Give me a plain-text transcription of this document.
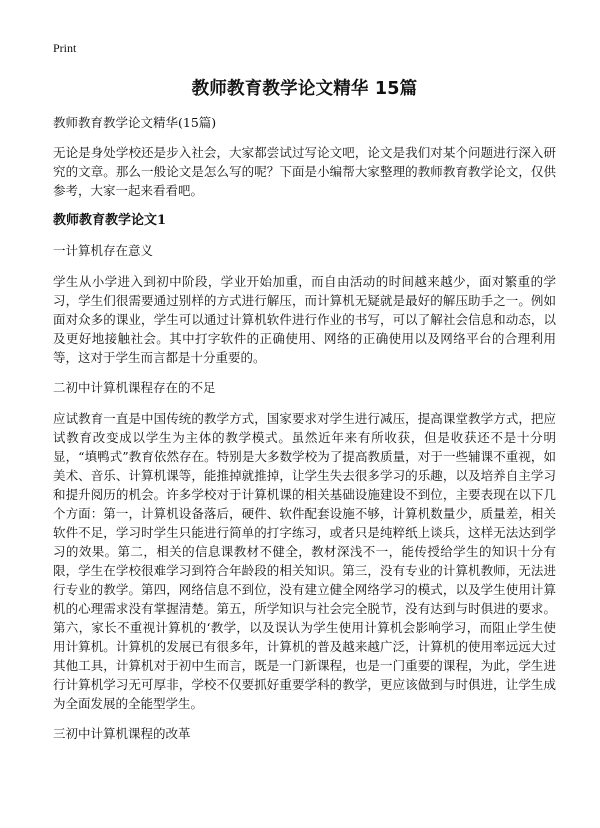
Print
教师教育教学论文精华 15篇
教师教育教学论文精华(15篇)

无论是身处学校还是步入社会，大家都尝试过写论文吧，论文是我们对某个问题进行深入研究的文章。那么一般论文是怎么写的呢？下面是小编帮大家整理的教师教育教学论文，仅供参考，大家一起来看看吧。

教师教育教学论文1
一计算机存在意义

学生从小学进入到初中阶段，学业开始加重，而自由活动的时间越来越少，面对繁重的学习，学生们很需要通过别样的方式进行解压，而计算机无疑就是最好的解压助手之一。例如面对众多的课业，学生可以通过计算机软件进行作业的书写，可以了解社会信息和动态，以及更好地接触社会。其中打字软件的正确使用、网络的正确使用以及网络平台的合理利用等，这对于学生而言都是十分重要的。

二初中计算机课程存在的不足

应试教育一直是中国传统的教学方式，国家要求对学生进行减压，提高课堂教学方式，把应试教育改变成以学生为主体的教学模式。虽然近年来有所收获，但是收获还不是十分明显，“填鸭式”教育依然存在。特别是大多数学校为了提高教质量，对于一些辅课不重视，如美术、音乐、计算机课等，能推掉就推掉，让学生失去很多学习的乐趣，以及培养自主学习和提升阅历的机会。许多学校对于计算机课的相关基础设施建设不到位，主要表现在以下几个方面：第一，计算机设备落后，硬件、软件配套设施不够，计算机数量少，质量差，相关软件不足，学习时学生只能进行简单的打字练习，或者只是纯粹纸上谈兵，这样无法达到学习的效果。第二，相关的信息课教材不健全，教材深浅不一，能传授给学生的知识十分有限，学生在学校很难学习到符合年龄段的相关知识。第三，没有专业的计算机教师，无法进行专业的教学。第四，网络信息不到位，没有建立健全网络学习的模式，以及学生使用计算机的心理需求没有掌握清楚。第五，所学知识与社会完全脱节，没有达到与时俱进的要求。第六，家长不重视计算机的‘教学，以及误认为学生使用计算机会影响学习，而阻止学生使用计算机。计算机的发展已有很多年，计算机的普及越来越广泛，计算机的使用率远远大过其他工具，计算机对于初中生而言，既是一门新课程，也是一门重要的课程，为此，学生进行计算机学习无可厚非，学校不仅要抓好重要学科的教学，更应该做到与时俱进，让学生成为全面发展的全能型学生。

三初中计算机课程的改革
